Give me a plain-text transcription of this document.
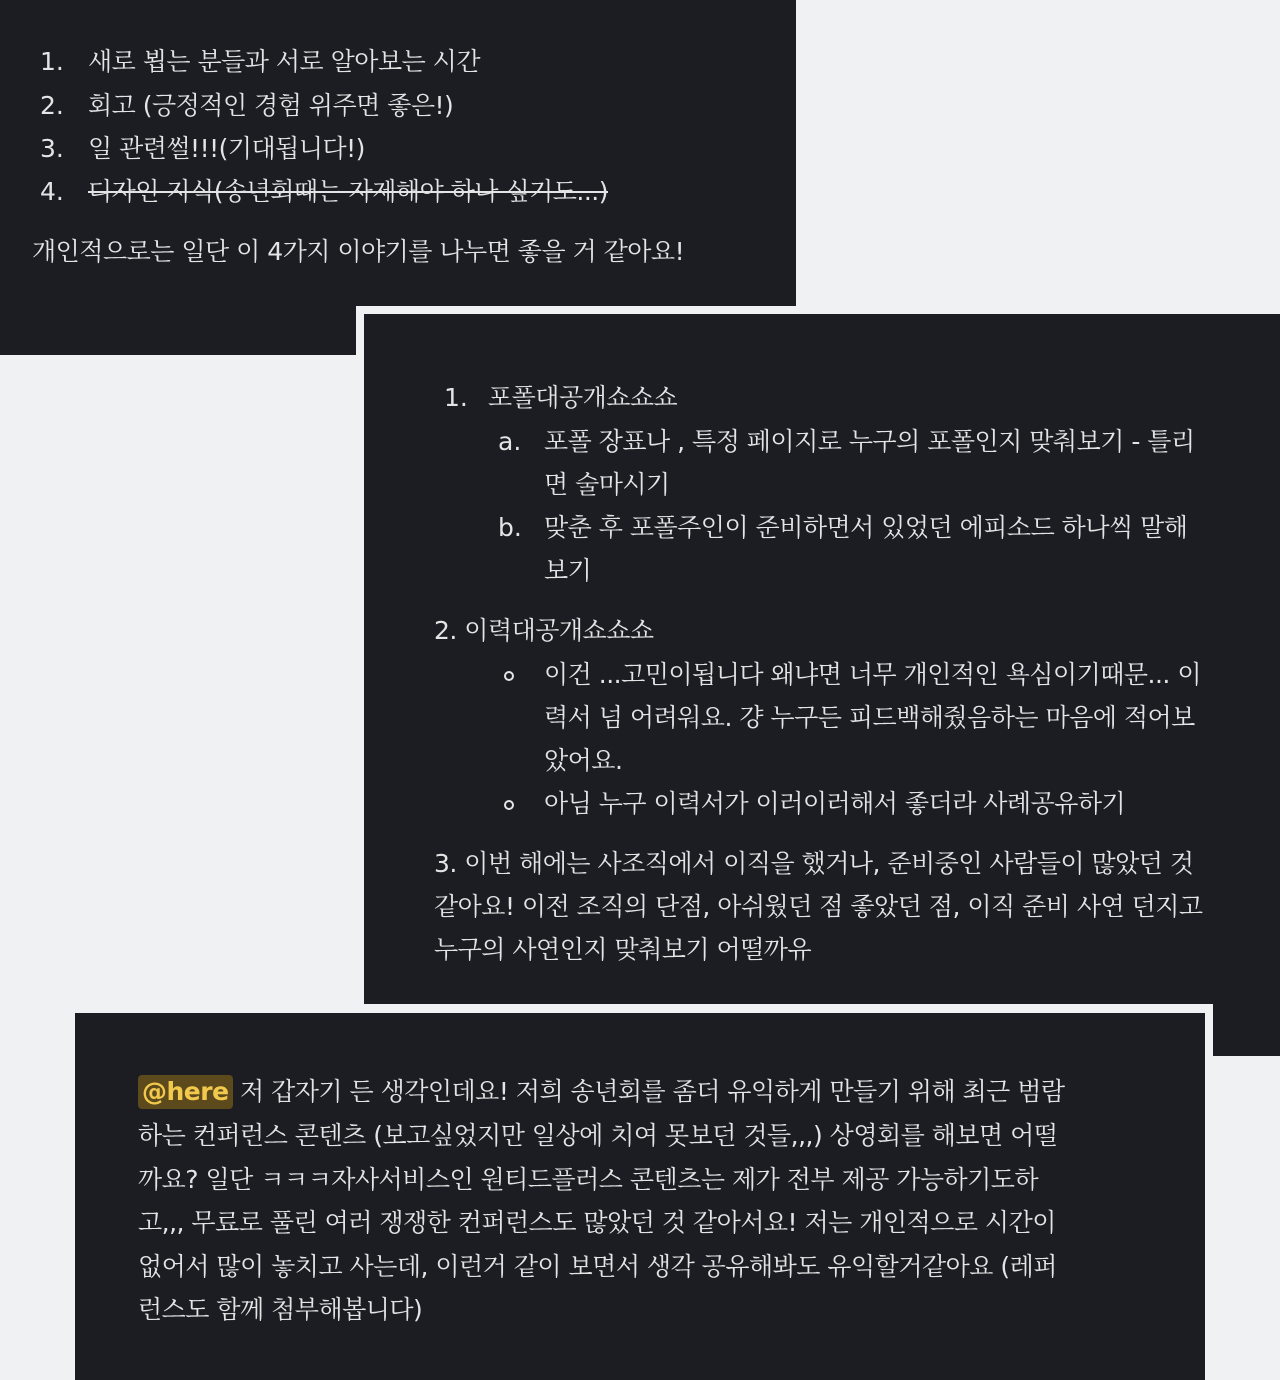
1. 새로 뵙는 분들과 서로 알아보는 시간
2. 회고 (긍정적인 경험 위주면 좋은!)
3. 일 관련썰!!!(기대됩니다!)
4. 디자인 지식(송년회때는 자제해야 하나 싶기도...)
개인적으로는 일단 이 4가지 이야기를 나누면 좋을 거 같아요!
1. 포폴대공개쇼쇼쇼
a. 포폴 장표나 , 특정 페이지로 누구의 포폴인지 맞춰보기 - 틀리
면 술마시기
b. 맞춘 후 포폴주인이 준비하면서 있었던 에피소드 하나씩 말해
보기
2. 이력대공개쇼쇼쇼
이건 ...고민이됩니다 왜냐면 너무 개인적인 욕심이기때문... 이
력서 넘 어려워요. 걍 누구든 피드백해줬음하는 마음에 적어보
았어요.
아님 누구 이력서가 이러이러해서 좋더라 사례공유하기
3. 이번 해에는 사조직에서 이직을 했거나, 준비중인 사람들이 많았던 것
같아요! 이전 조직의 단점, 아쉬웠던 점 좋았던 점, 이직 준비 사연 던지고
누구의 사연인지 맞춰보기 어떨까유
@here 저 갑자기 든 생각인데요! 저희 송년회를 좀더 유익하게 만들기 위해 최근 범람
하는 컨퍼런스 콘텐츠 (보고싶었지만 일상에 치여 못보던 것들,,,) 상영회를 해보면 어떨
까요? 일단 ㅋㅋㅋ자사서비스인 원티드플러스 콘텐츠는 제가 전부 제공 가능하기도하
고,,, 무료로 풀린 여러 쟁쟁한 컨퍼런스도 많았던 것 같아서요! 저는 개인적으로 시간이
없어서 많이 놓치고 사는데, 이런거 같이 보면서 생각 공유해봐도 유익할거같아요 (레퍼
런스도 함께 첨부해봅니다)
